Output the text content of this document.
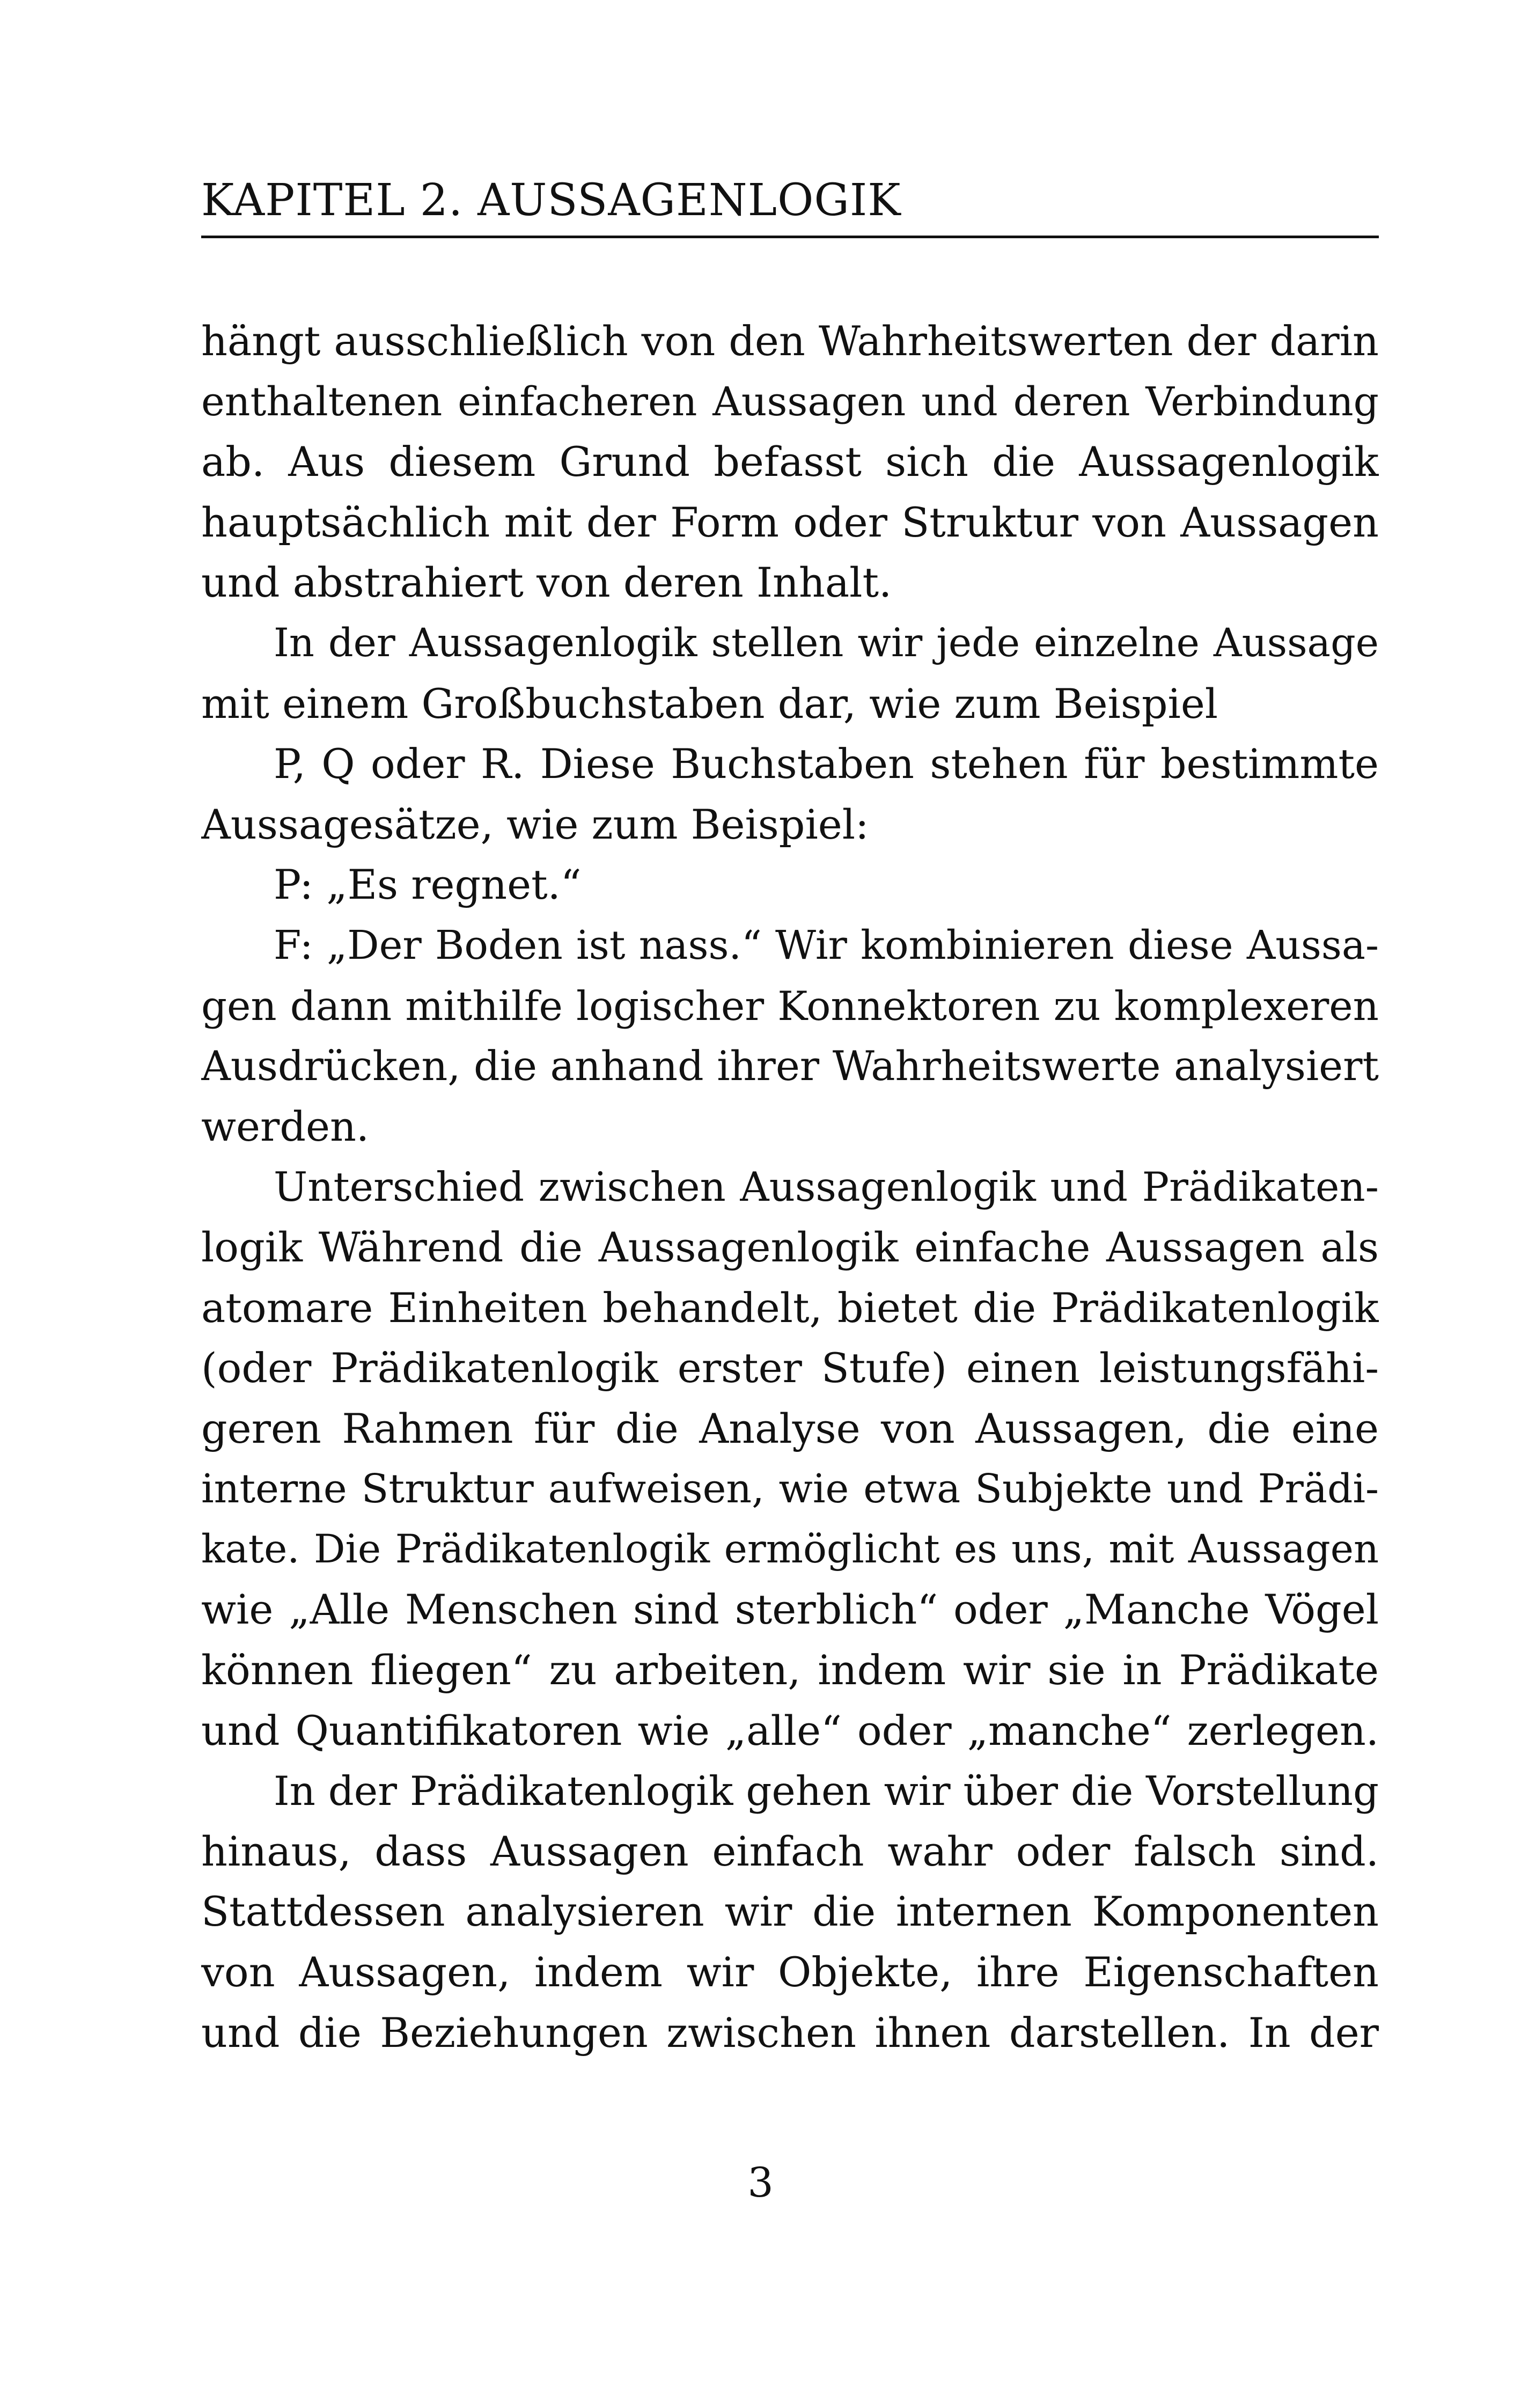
KAPITEL 2. AUSSAGENLOGIK
hängt ausschließlich von den Wahrheitswerten der darin
enthaltenen einfacheren Aussagen und deren Verbindung
ab. Aus diesem Grund befasst sich die Aussagenlogik
hauptsächlich mit der Form oder Struktur von Aussagen
und abstrahiert von deren Inhalt.
In der Aussagenlogik stellen wir jede einzelne Aussage
mit einem Großbuchstaben dar, wie zum Beispiel
P, Q oder R. Diese Buchstaben stehen für bestimmte
Aussagesätze, wie zum Beispiel:
P: „Es regnet.“
F: „Der Boden ist nass.“ Wir kombinieren diese Aussa-
gen dann mithilfe logischer Konnektoren zu komplexeren
Ausdrücken, die anhand ihrer Wahrheitswerte analysiert
werden.
Unterschied zwischen Aussagenlogik und Prädikaten-
logik Während die Aussagenlogik einfache Aussagen als
atomare Einheiten behandelt, bietet die Prädikatenlogik
(oder Prädikatenlogik erster Stufe) einen leistungsfähi-
geren Rahmen für die Analyse von Aussagen, die eine
interne Struktur aufweisen, wie etwa Subjekte und Prädi-
kate. Die Prädikatenlogik ermöglicht es uns, mit Aussagen
wie „Alle Menschen sind sterblich“ oder „Manche Vögel
können fliegen“ zu arbeiten, indem wir sie in Prädikate
und Quantifikatoren wie „alle“ oder „manche“ zerlegen.
In der Prädikatenlogik gehen wir über die Vorstellung
hinaus, dass Aussagen einfach wahr oder falsch sind.
Stattdessen analysieren wir die internen Komponenten
von Aussagen, indem wir Objekte, ihre Eigenschaften
und die Beziehungen zwischen ihnen darstellen. In der
3
